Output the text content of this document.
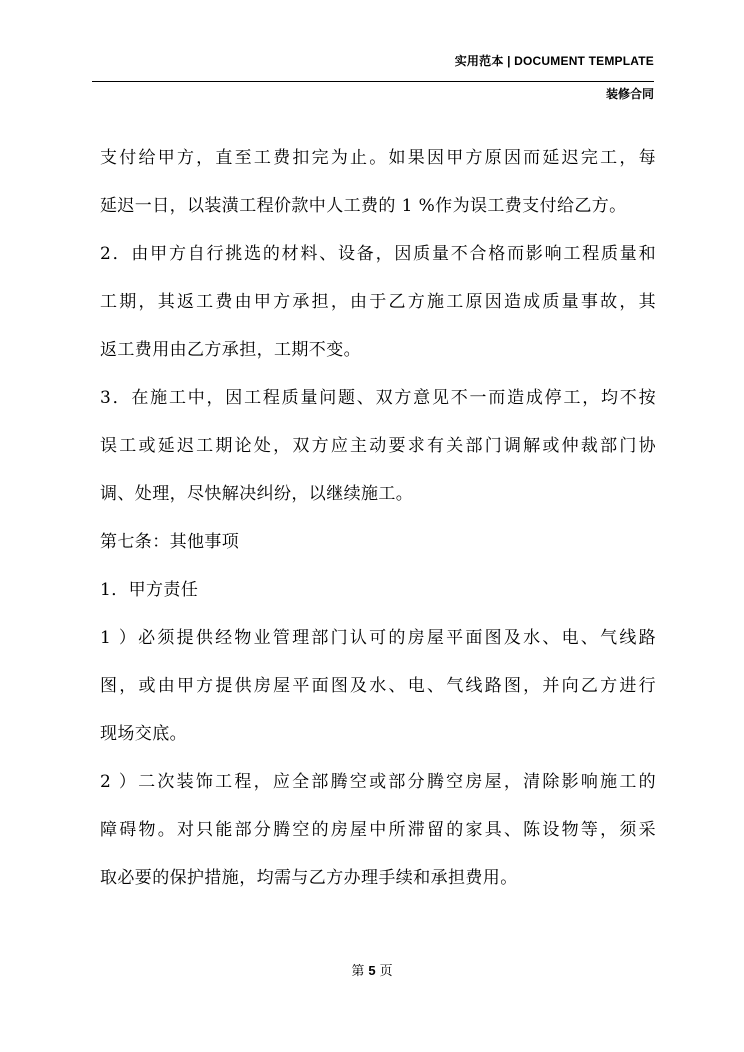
实用范本 | DOCUMENT TEMPLATE
装修合同
支付给甲方，直至工费扣完为止。如果因甲方原因而延迟完工，每
延迟一日，以装潢工程价款中人工费的 1 %作为误工费支付给乙方。
2．由甲方自行挑选的材料、设备，因质量不合格而影响工程质量和
工期，其返工费由甲方承担，由于乙方施工原因造成质量事故，其
返工费用由乙方承担，工期不变。
3．在施工中，因工程质量问题、双方意见不一而造成停工，均不按
误工或延迟工期论处，双方应主动要求有关部门调解或仲裁部门协
调、处理，尽快解决纠纷，以继续施工。
第七条：其他事项
1．甲方责任
1 ）必须提供经物业管理部门认可的房屋平面图及水、电、气线路
图，或由甲方提供房屋平面图及水、电、气线路图，并向乙方进行
现场交底。
2 ）二次装饰工程，应全部腾空或部分腾空房屋，清除影响施工的
障碍物。对只能部分腾空的房屋中所滞留的家具、陈设物等，须采
取必要的保护措施，均需与乙方办理手续和承担费用。
第 5 页
